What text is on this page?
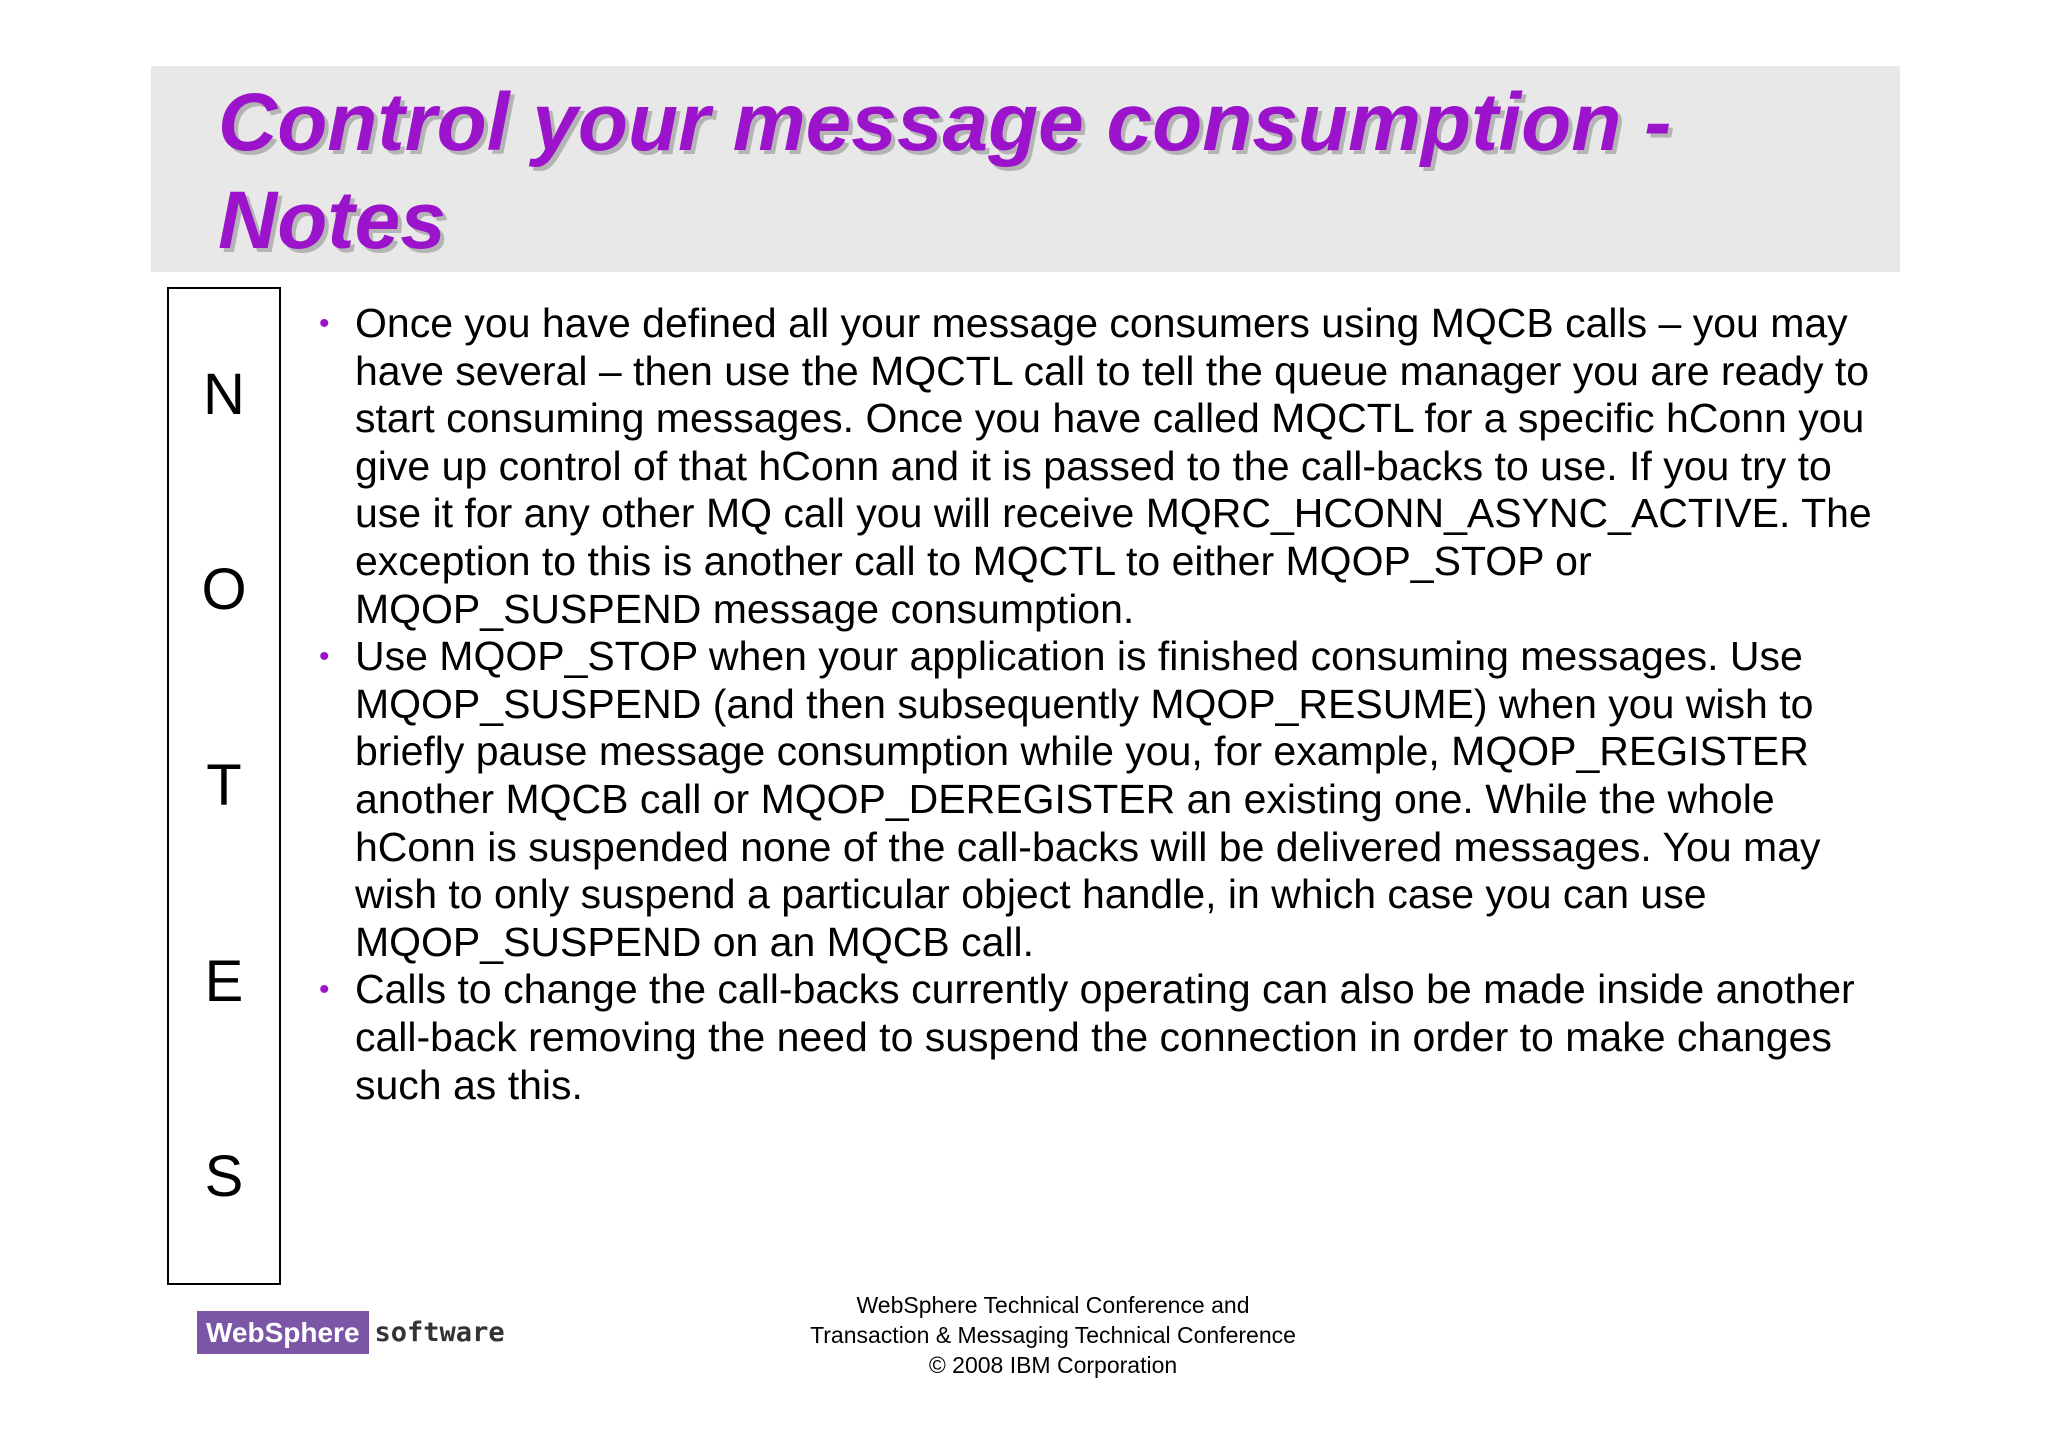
Control your message consumption -
Notes
N
O
T
E
S
• Once you have defined all your message consumers using MQCB calls – you may have several – then use the MQCTL call to tell the queue manager you are ready to start consuming messages. Once you have called MQCTL for a specific hConn you give up control of that hConn and it is passed to the call-backs to use. If you try to use it for any other MQ call you will receive MQRC_HCONN_ASYNC_ACTIVE. The exception to this is another call to MQCTL to either MQOP_STOP or MQOP_SUSPEND message consumption.
• Use MQOP_STOP when your application is finished consuming messages. Use MQOP_SUSPEND (and then subsequently MQOP_RESUME) when you wish to briefly pause message consumption while you, for example, MQOP_REGISTER another MQCB call or MQOP_DEREGISTER an existing one. While the whole hConn is suspended none of the call-backs will be delivered messages. You may wish to only suspend a particular object handle, in which case you can use MQOP_SUSPEND on an MQCB call.
• Calls to change the call-backs currently operating can also be made inside another call-back removing the need to suspend the connection in order to make changes such as this.
WebSphere software
WebSphere Technical Conference and
Transaction & Messaging Technical Conference
© 2008 IBM Corporation
